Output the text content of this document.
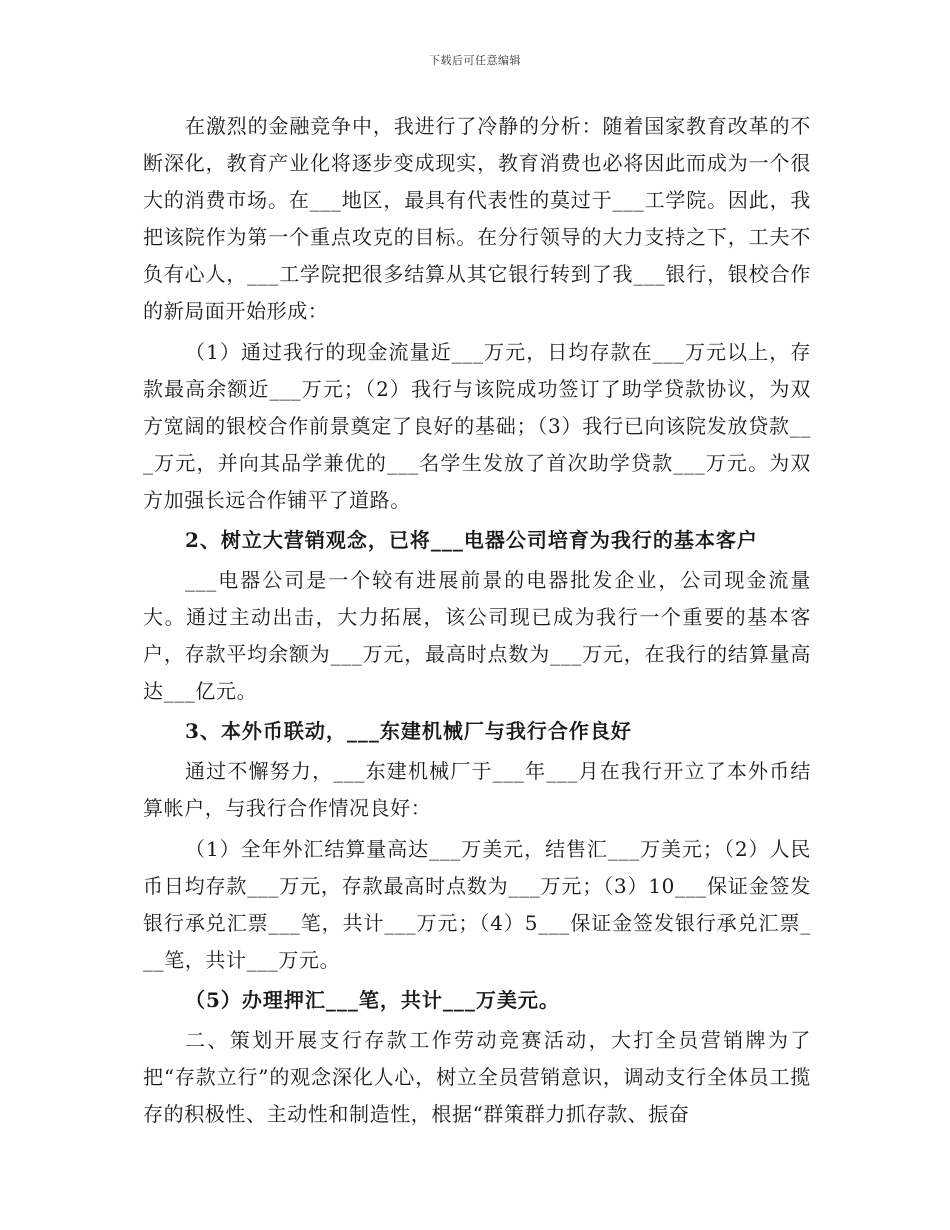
下载后可任意编辑

在激烈的金融竞争中，我进行了冷静的分析：随着国家教育改革的不断深化，教育产业化将逐步变成现实，教育消费也必将因此而成为一个很大的消费市场。在___地区，最具有代表性的莫过于___工学院。因此，我把该院作为第一个重点攻克的目标。在分行领导的大力支持之下，工夫不负有心人，___工学院把很多结算从其它银行转到了我___银行，银校合作的新局面开始形成：

（1）通过我行的现金流量近___万元，日均存款在___万元以上，存款最高余额近___万元；（2）我行与该院成功签订了助学贷款协议，为双方宽阔的银校合作前景奠定了良好的基础；（3）我行已向该院发放贷款___万元，并向其品学兼优的___名学生发放了首次助学贷款___万元。为双方加强长远合作铺平了道路。

2、树立大营销观念，已将___电器公司培育为我行的基本客户

___电器公司是一个较有进展前景的电器批发企业，公司现金流量大。通过主动出击，大力拓展，该公司现已成为我行一个重要的基本客户，存款平均余额为___万元，最高时点数为___万元，在我行的结算量高达___亿元。

3、本外币联动，___东建机械厂与我行合作良好

通过不懈努力，___东建机械厂于___年___月在我行开立了本外币结算帐户，与我行合作情况良好：

（1）全年外汇结算量高达___万美元，结售汇___万美元；（2）人民币日均存款___万元，存款最高时点数为___万元；（3）10___保证金签发银行承兑汇票___笔，共计___万元；（4）5___保证金签发银行承兑汇票___笔，共计___万元。

（5）办理押汇___笔，共计___万美元。

二、策划开展支行存款工作劳动竞赛活动，大打全员营销牌为了把“存款立行”的观念深化人心，树立全员营销意识，调动支行全体员工揽存的积极性、主动性和制造性，根据“群策群力抓存款、振奋
